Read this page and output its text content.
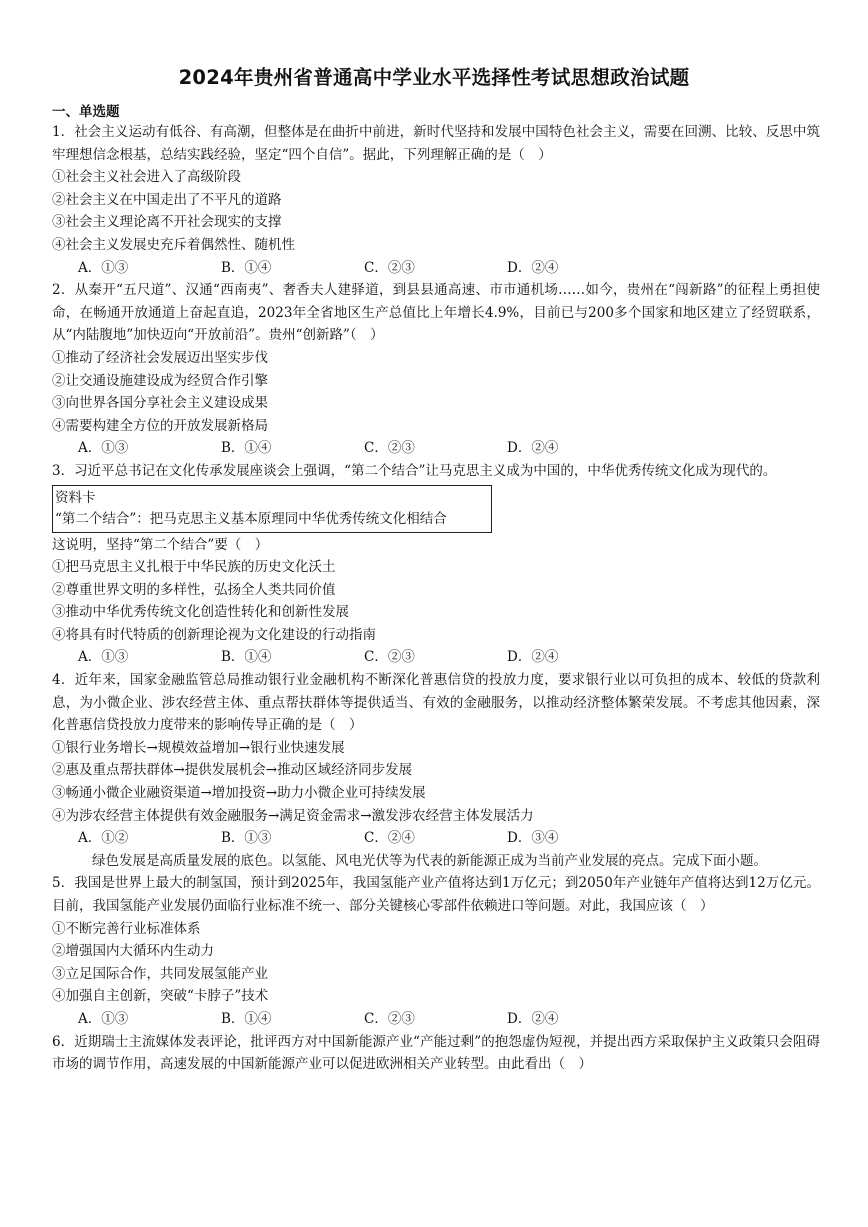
2024年贵州省普通高中学业水平选择性考试思想政治试题
一、单选题

1．社会主义运动有低谷、有高潮，但整体是在曲折中前进，新时代坚持和发展中国特色社会主义，需要在回溯、比较、反思中筑牢理想信念根基，总结实践经验，坚定“四个自信”。据此，下列理解正确的是（　）

①社会主义社会进入了高级阶段

②社会主义在中国走出了不平凡的道路

③社会主义理论离不开社会现实的支撑

④社会主义发展史充斥着偶然性、随机性

A．①③	B．①④	C．②③	D．②④

2．从秦开“五尺道”、汉通“西南夷”、奢香夫人建驿道，到县县通高速、市市通机场……如今，贵州在“闯新路”的征程上勇担使命，在畅通开放通道上奋起直追，2023年全省地区生产总值比上年增长4.9%，目前已与200多个国家和地区建立了经贸联系，从“内陆腹地”加快迈向“开放前沿”。贵州“创新路”（　）

①推动了经济社会发展迈出坚实步伐

②让交通设施建设成为经贸合作引擎

③向世界各国分享社会主义建设成果

④需要构建全方位的开放发展新格局

A．①③	B．①④	C．②③	D．②④

3．习近平总书记在文化传承发展座谈会上强调，“第二个结合”让马克思主义成为中国的，中华优秀传统文化成为现代的。

资料卡
“第二个结合”：把马克思主义基本原理同中华优秀传统文化相结合

这说明，坚持“第二个结合”要（　）

①把马克思主义扎根于中华民族的历史文化沃土

②尊重世界文明的多样性，弘扬全人类共同价值

③推动中华优秀传统文化创造性转化和创新性发展

④将具有时代特质的创新理论视为文化建设的行动指南

A．①③	B．①④	C．②③	D．②④

4．近年来，国家金融监管总局推动银行业金融机构不断深化普惠信贷的投放力度，要求银行业以可负担的成本、较低的贷款利息，为小微企业、涉农经营主体、重点帮扶群体等提供适当、有效的金融服务，以推动经济整体繁荣发展。不考虑其他因素，深化普惠信贷投放力度带来的影响传导正确的是（　）

①银行业务增长→规模效益增加→银行业快速发展

②惠及重点帮扶群体→提供发展机会→推动区域经济同步发展

③畅通小微企业融资渠道→增加投资→助力小微企业可持续发展

④为涉农经营主体提供有效金融服务→满足资金需求→激发涉农经营主体发展活力

A．①②	B．①③	C．②④	D．③④

绿色发展是高质量发展的底色。以氢能、风电光伏等为代表的新能源正成为当前产业发展的亮点。完成下面小题。

5．我国是世界上最大的制氢国，预计到2025年，我国氢能产业产值将达到1万亿元；到2050年产业链年产值将达到12万亿元。目前，我国氢能产业发展仍面临行业标准不统一、部分关键核心零部件依赖进口等问题。对此，我国应该（　）

①不断完善行业标准体系

②增强国内大循环内生动力

③立足国际合作，共同发展氢能产业

④加强自主创新，突破“卡脖子”技术

A．①③	B．①④	C．②③	D．②④

6．近期瑞士主流媒体发表评论，批评西方对中国新能源产业“产能过剩”的抱怨虚伪短视，并提出西方采取保护主义政策只会阻碍市场的调节作用，高速发展的中国新能源产业可以促进欧洲相关产业转型。由此看出（　）
